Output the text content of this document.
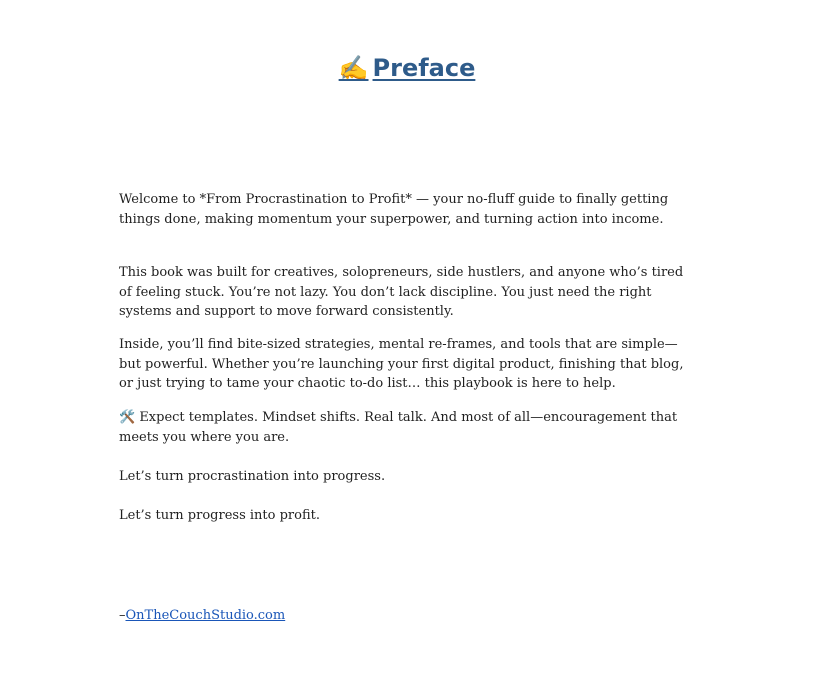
✍️ Preface

Welcome to *From Procrastination to Profit* — your no-fluff guide to finally getting things done, making momentum your superpower, and turning action into income.

This book was built for creatives, solopreneurs, side hustlers, and anyone who’s tired of feeling stuck. You’re not lazy. You don’t lack discipline. You just need the right systems and support to move forward consistently.

Inside, you’ll find bite-sized strategies, mental re-frames, and tools that are simple—but powerful. Whether you’re launching your first digital product, finishing that blog, or just trying to tame your chaotic to-do list… this playbook is here to help.

🛠️ Expect templates. Mindset shifts. Real talk. And most of all—encouragement that meets you where you are.

Let’s turn procrastination into progress.

Let’s turn progress into profit.

–OnTheCouchStudio.com
